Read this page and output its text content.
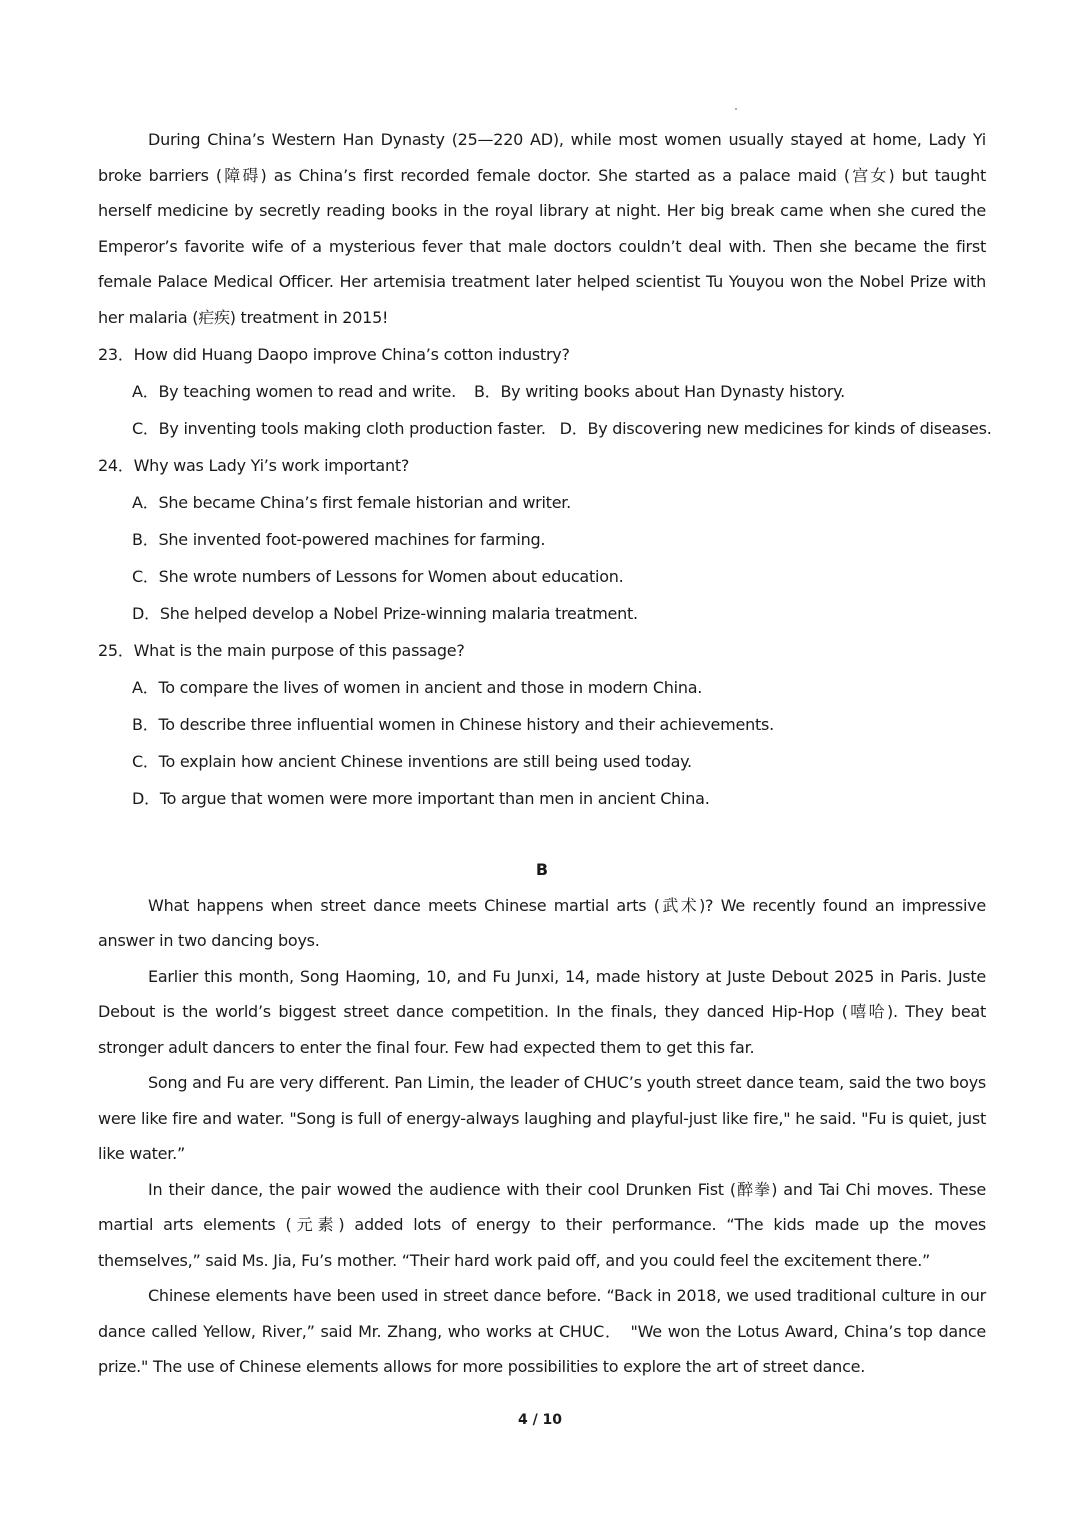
During China’s Western Han Dynasty (25—220 AD), while most women usually stayed at home, Lady Yi broke barriers (障碍) as China’s first recorded female doctor. She started as a palace maid (宫女) but taught herself medicine by secretly reading books in the royal library at night. Her big break came when she cured the Emperor’s favorite wife of a mysterious fever that male doctors couldn’t deal with. Then she became the first female Palace Medical Officer. Her artemisia treatment later helped scientist Tu Youyou won the Nobel Prize with her malaria (疟疾) treatment in 2015!

23．How did Huang Daopo improve China’s cotton industry?

A．By teaching women to read and write. B．By writing books about Han Dynasty history.
C．By inventing tools making cloth production faster. D．By discovering new medicines for kinds of diseases.

24．Why was Lady Yi’s work important?

A．She became China’s first female historian and writer.

B．She invented foot-powered machines for farming.

C．She wrote numbers of Lessons for Women about education.

D．She helped develop a Nobel Prize-winning malaria treatment.

25．What is the main purpose of this passage?

A．To compare the lives of women in ancient and those in modern China.

B．To describe three influential women in Chinese history and their achievements.

C．To explain how ancient Chinese inventions are still being used today.

D．To argue that women were more important than men in ancient China.

B

What happens when street dance meets Chinese martial arts (武术)? We recently found an impressive answer in two dancing boys.

Earlier this month, Song Haoming, 10, and Fu Junxi, 14, made history at Juste Debout 2025 in Paris. Juste Debout is the world’s biggest street dance competition. In the finals, they danced Hip-Hop (嘻哈). They beat stronger adult dancers to enter the final four. Few had expected them to get this far.

Song and Fu are very different. Pan Limin, the leader of CHUC’s youth street dance team, said the two boys were like fire and water. "Song is full of energy-always laughing and playful-just like fire," he said. "Fu is quiet, just like water.”

In their dance, the pair wowed the audience with their cool Drunken Fist (醉拳) and Tai Chi moves. These martial arts elements (元素) added lots of energy to their performance. “The kids made up the moves themselves,” said Ms. Jia, Fu’s mother. “Their hard work paid off, and you could feel the excitement there.”

Chinese elements have been used in street dance before. “Back in 2018, we used traditional culture in our dance called Yellow, River,” said Mr. Zhang, who works at CHUC．　"We won the Lotus Award, China’s top dance prize." The use of Chinese elements allows for more possibilities to explore the art of street dance.

4 / 10
